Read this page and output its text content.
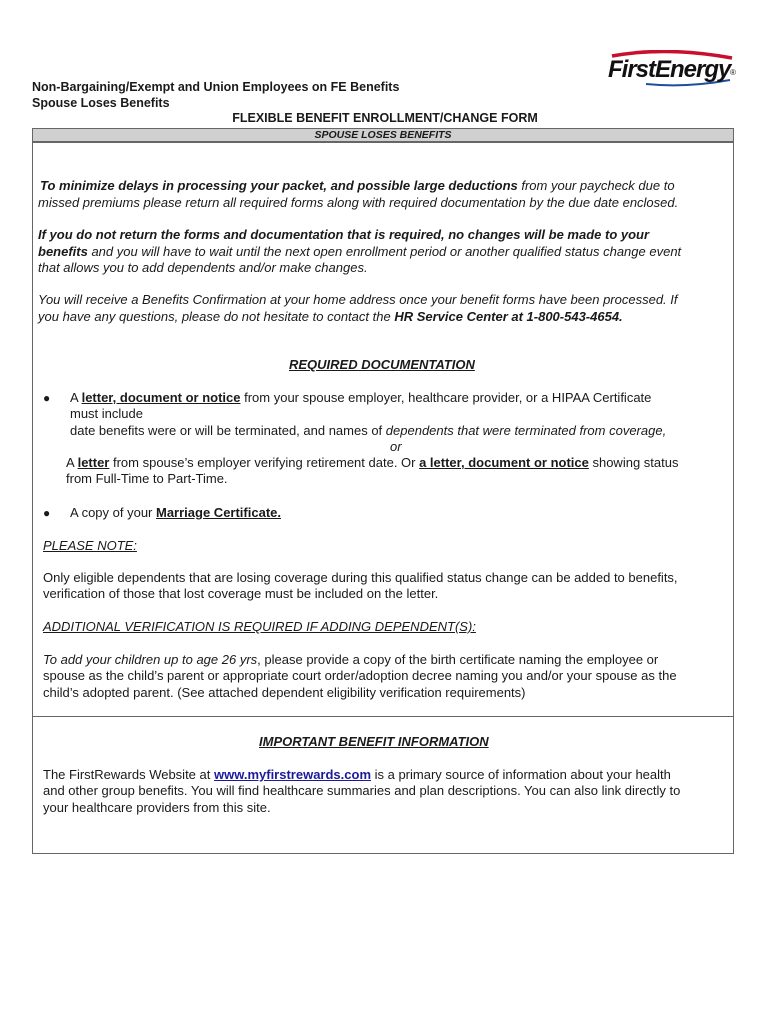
FirstEnergy ®
Non-Bargaining/Exempt and Union Employees on FE Benefits
Spouse Loses Benefits
FLEXIBLE BENEFIT ENROLLMENT/CHANGE FORM
SPOUSE LOSES BENEFITS
To minimize delays in processing your packet, and possible large deductions from your paycheck due to
missed premiums please return all required forms along with required documentation by the due date enclosed.
If you do not return the forms and documentation that is required, no changes will be made to your
benefits and you will have to wait until the next open enrollment period or another qualified status change event
that allows you to add dependents and/or make changes.
You will receive a Benefits Confirmation at your home address once your benefit forms have been processed. If
you have any questions, please do not hesitate to contact the HR Service Center at 1-800-543-4654.
REQUIRED DOCUMENTATION
● A letter, document or notice from your spouse employer, healthcare provider, or a HIPAA Certificate
must include
date benefits were or will be terminated, and names of dependents that were terminated from coverage,
or
A letter from spouse’s employer verifying retirement date. Or a letter, document or notice showing status
from Full-Time to Part-Time.
● A copy of your Marriage Certificate.
PLEASE NOTE:
Only eligible dependents that are losing coverage during this qualified status change can be added to benefits,
verification of those that lost coverage must be included on the letter.
ADDITIONAL VERIFICATION IS REQUIRED IF ADDING DEPENDENT(S):
To add your children up to age 26 yrs, please provide a copy of the birth certificate naming the employee or
spouse as the child’s parent or appropriate court order/adoption decree naming you and/or your spouse as the
child’s adopted parent. (See attached dependent eligibility verification requirements)
IMPORTANT BENEFIT INFORMATION
The FirstRewards Website at www.myfirstrewards.com is a primary source of information about your health
and other group benefits. You will find healthcare summaries and plan descriptions. You can also link directly to
your healthcare providers from this site.
